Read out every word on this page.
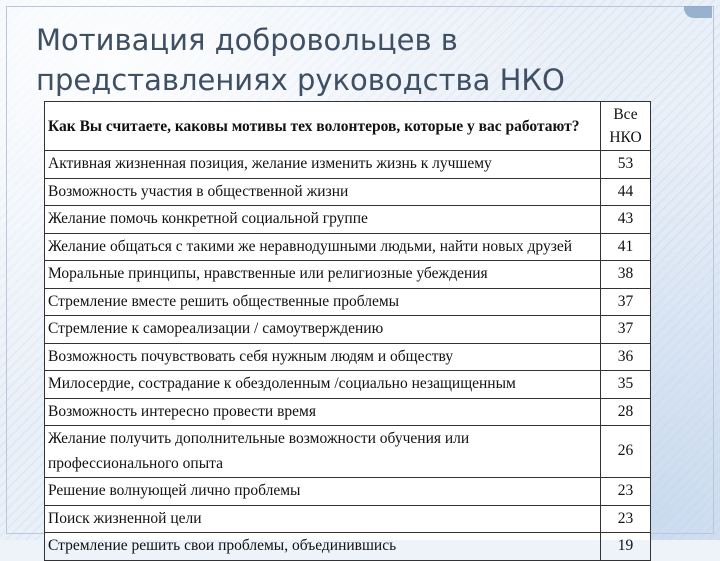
Мотивация добровольцев в представлениях руководства НКО
Как Вы считаете, каковы мотивы тех волонтеров, которые у вас работают?	Все НКО
Активная жизненная позиция, желание изменить жизнь к лучшему	53
Возможность участия в общественной жизни	44
Желание помочь конкретной социальной группе	43
Желание общаться с такими же неравнодушными людьми, найти новых друзей	41
Моральные принципы, нравственные или религиозные убеждения	38
Стремление вместе решить общественные проблемы	37
Стремление к самореализации / самоутверждению	37
Возможность почувствовать себя нужным людям и обществу	36
Милосердие, сострадание к обездоленным /социально незащищенным	35
Возможность интересно провести время	28
Желание получить дополнительные возможности обучения или профессионального опыта	26
Решение волнующей лично проблемы	23
Поиск жизненной цели	23
Стремление решить свои проблемы, объединившись	19
